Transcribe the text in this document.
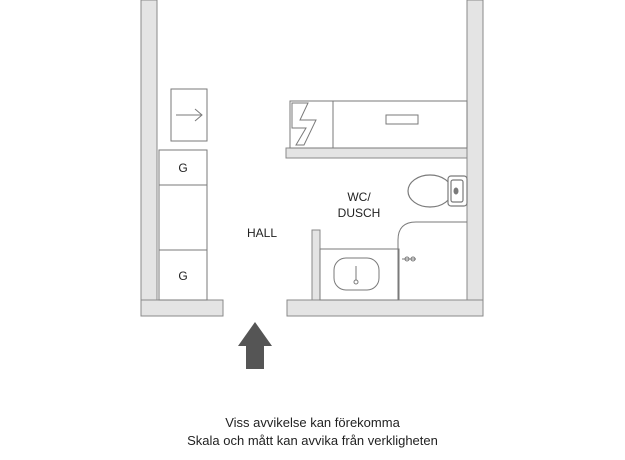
HALL
WC/
DUSCH
G
G
Viss avvikelse kan förekomma
Skala och mått kan avvika från verkligheten
